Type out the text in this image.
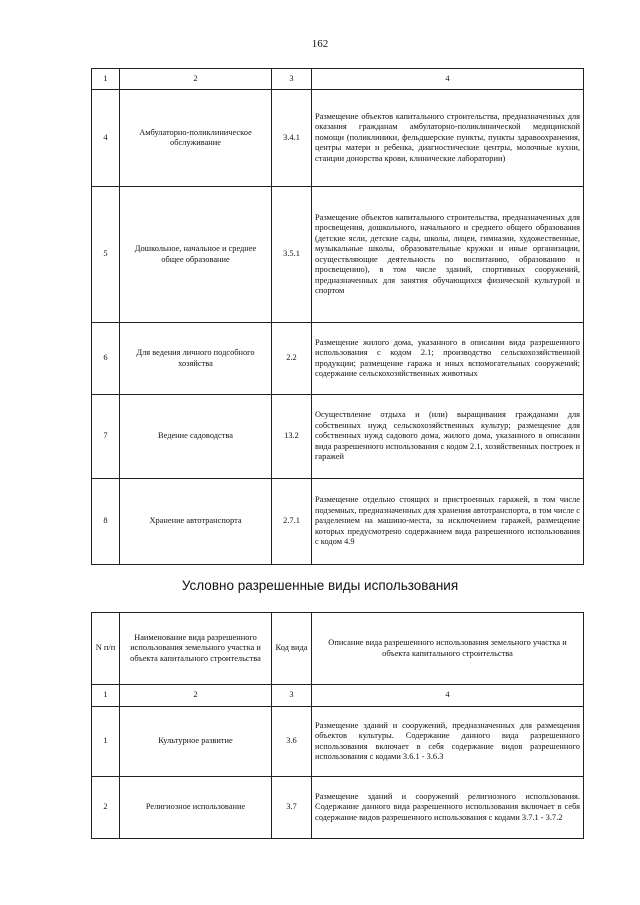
162
1	2	3	4
4	Амбулаторно-поликлиническое обслуживание	3.4.1	Размещение объектов капитального строительства, предназначенных для оказания гражданам амбулаторно-поликлинической медицинской помощи (поликлиники, фельдшерские пункты, пункты здравоохранения, центры матери и ребенка, диагностические центры, молочные кухни, станции донорства крови, клинические лаборатории)
5	Дошкольное, начальное и среднее общее образование	3.5.1	Размещение объектов капитального строительства, предназначенных для просвещения, дошкольного, начального и среднего общего образования (детские ясли, детские сады, школы, лицеи, гимназии, художественные, музыкальные школы, образовательные кружки и иные организации, осуществляющие деятельность по воспитанию, образованию и просвещению), в том числе зданий, спортивных сооружений, предназначенных для занятия обучающихся физической культурой и спортом
6	Для ведения личного подсобного хозяйства	2.2	Размещение жилого дома, указанного в описании вида разрешенного использования с кодом 2.1; производство сельскохозяйственной продукции; размещение гаража и иных вспомогательных сооружений; содержание сельскохозяйственных животных
7	Ведение садоводства	13.2	Осуществление отдыха и (или) выращивания гражданами для собственных нужд сельскохозяйственных культур; размещение для собственных нужд садового дома, жилого дома, указанного в описании вида разрешенного использования с кодом 2.1, хозяйственных построек и гаражей
8	Хранение автотранспорта	2.7.1	Размещение отдельно стоящих и пристроенных гаражей, в том числе подземных, предназначенных для хранения автотранспорта, в том числе с разделением на машино-места, за исключением гаражей, размещение которых предусмотрено содержанием вида разрешенного использования с кодом 4.9
Условно разрешенные виды использования
N п/п	Наименование вида разрешенного использования земельного участка и объекта капитального строительства	Код вида	Описание вида разрешенного использования земельного участка и объекта капитального строительства
1	2	3	4
1	Культурное развитие	3.6	Размещение зданий и сооружений, предназначенных для размещения объектов культуры. Содержание данного вида разрешенного использования включает в себя содержание видов разрешенного использования с кодами 3.6.1 - 3.6.3
2	Религиозное использование	3.7	Размещение зданий и сооружений религиозного использования. Содержание данного вида разрешенного использования включает в себя содержание видов разрешенного использования с кодами 3.7.1 - 3.7.2
